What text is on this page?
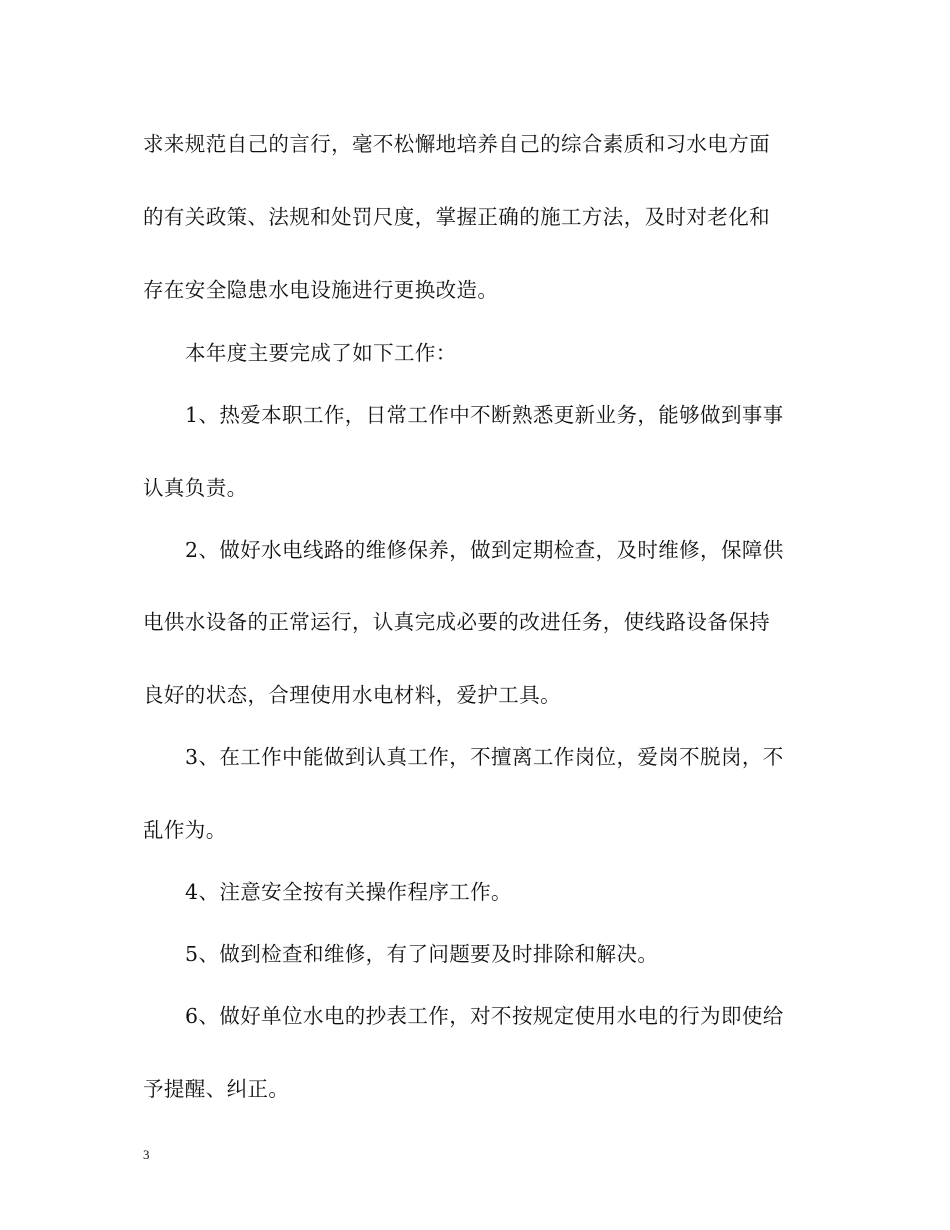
求来规范自己的言行，毫不松懈地培养自己的综合素质和习水电方面
的有关政策、法规和处罚尺度，掌握正确的施工方法，及时对老化和
存在安全隐患水电设施进行更换改造。
本年度主要完成了如下工作：
1、热爱本职工作，日常工作中不断熟悉更新业务，能够做到事事
认真负责。
2、做好水电线路的维修保养，做到定期检查，及时维修，保障供
电供水设备的正常运行，认真完成必要的改进任务，使线路设备保持
良好的状态，合理使用水电材料，爱护工具。
3、在工作中能做到认真工作，不擅离工作岗位，爱岗不脱岗，不
乱作为。
4、注意安全按有关操作程序工作。
5、做到检查和维修，有了问题要及时排除和解决。
6、做好单位水电的抄表工作，对不按规定使用水电的行为即使给
予提醒、纠正。
3
